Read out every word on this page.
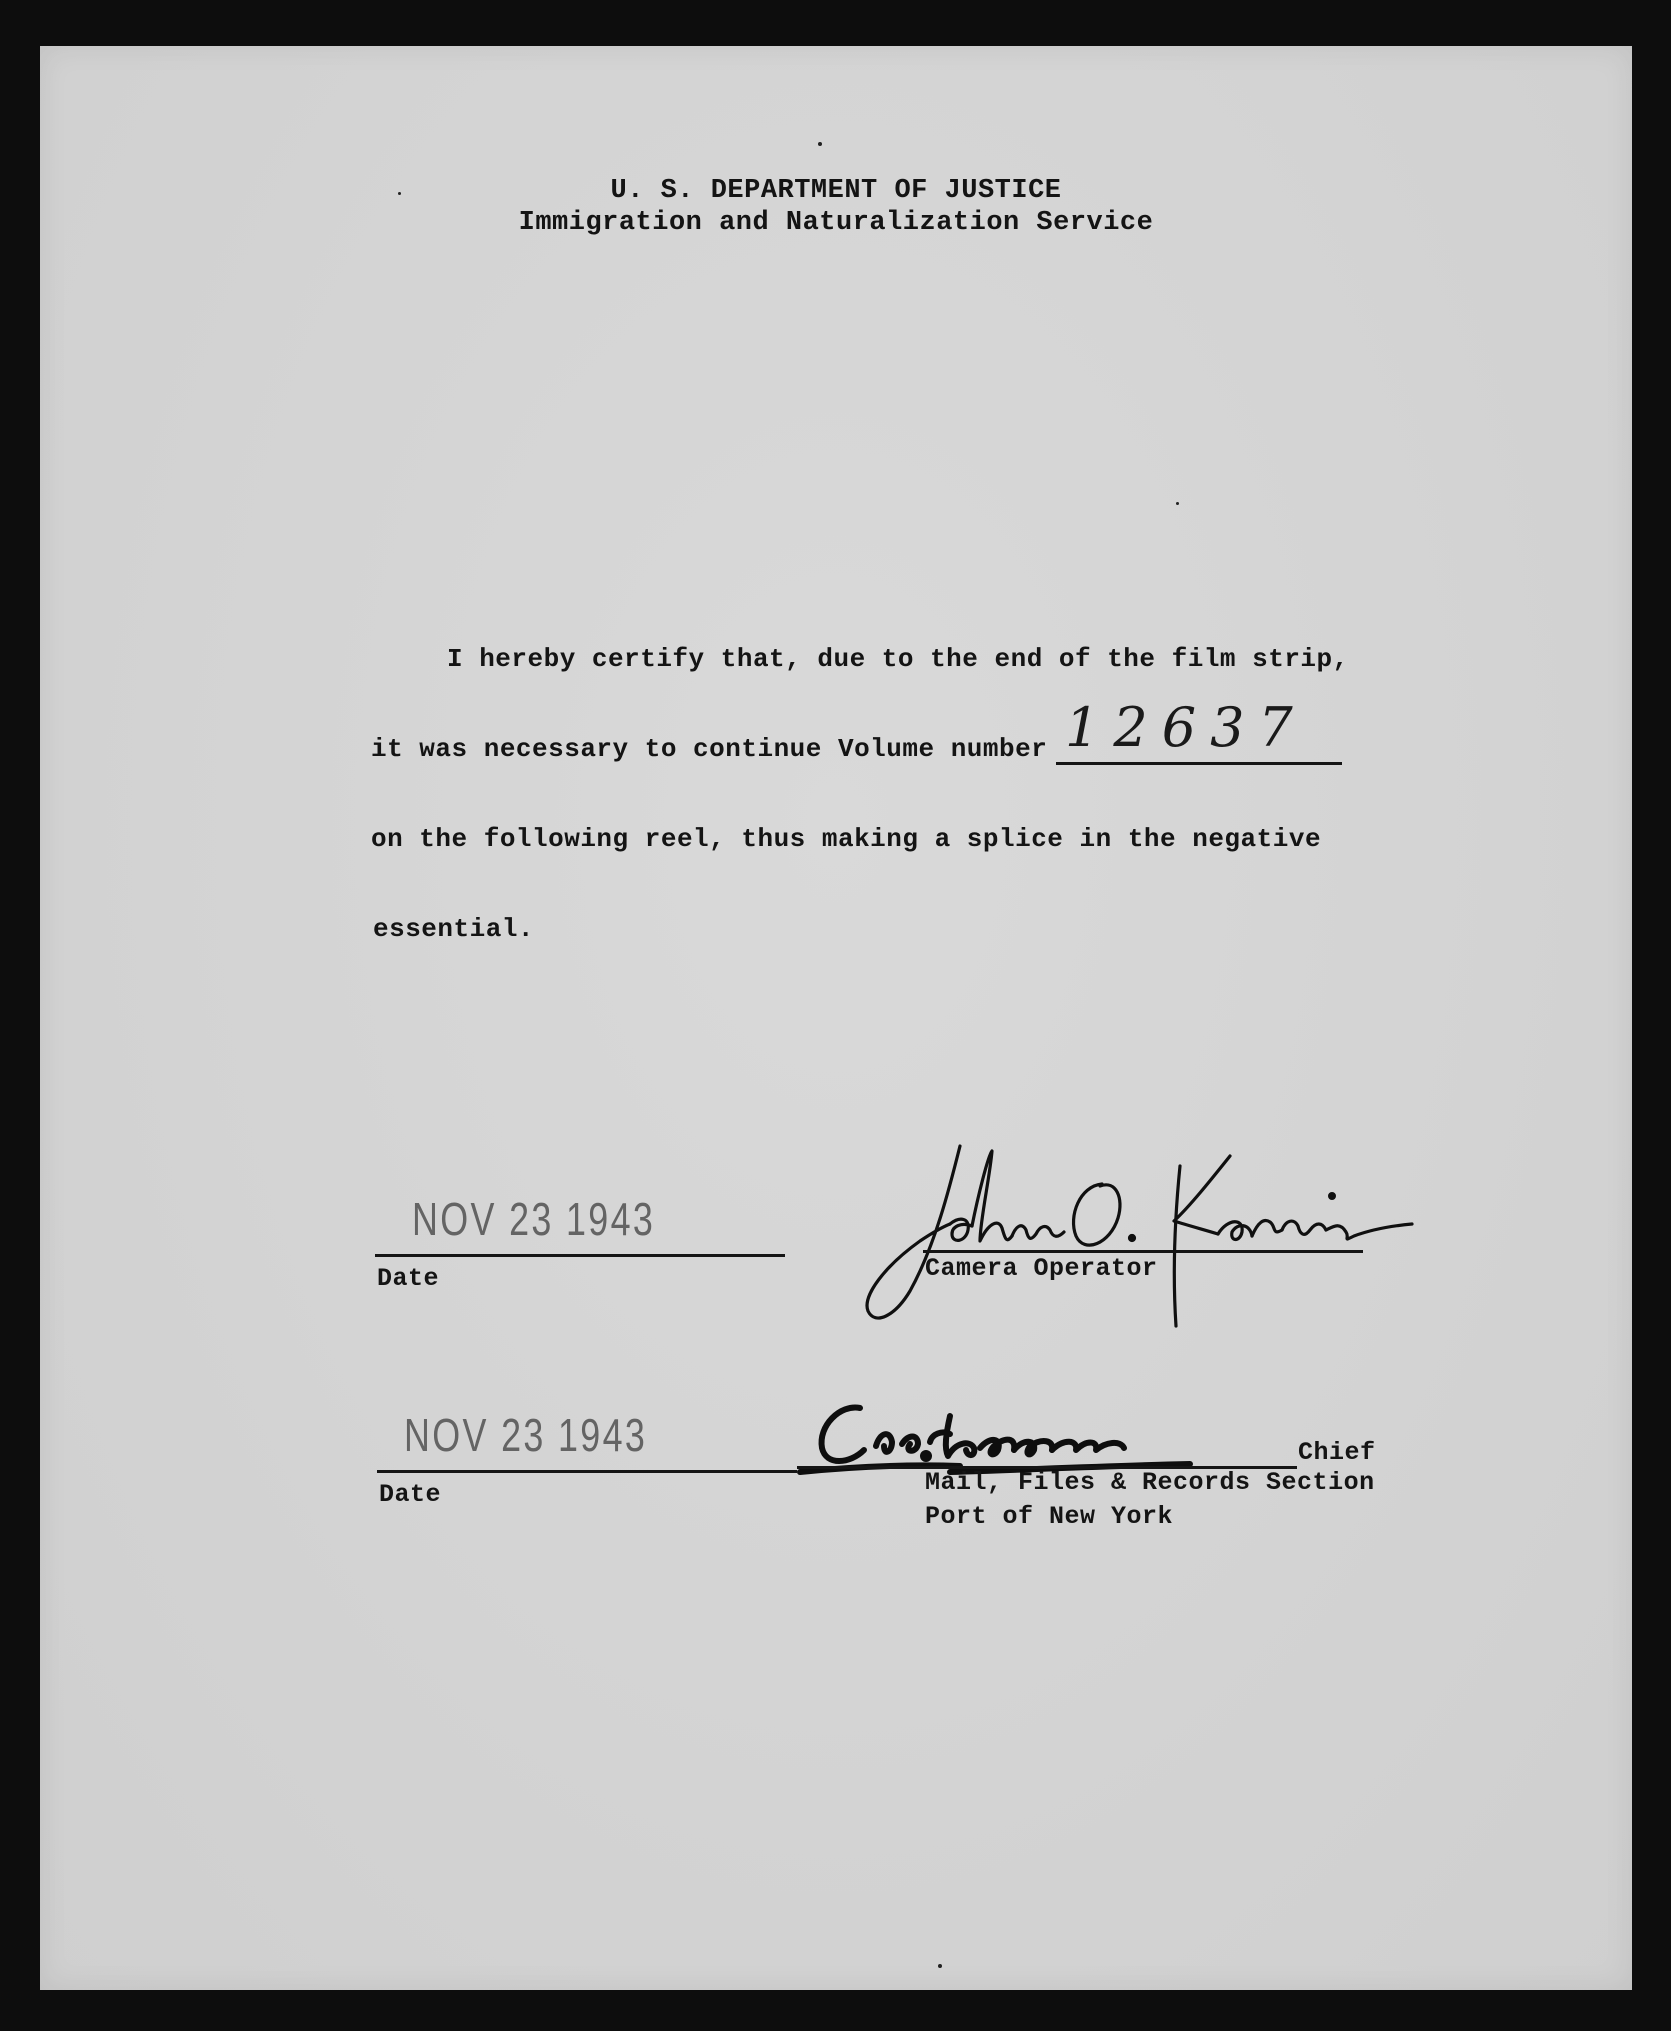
U. S. DEPARTMENT OF JUSTICE
Immigration and Naturalization Service
I hereby certify that, due to the end of the film strip,
it was necessary to continue Volume number 12637
on the following reel, thus making a splice in the negative
essential.
NOV 23 1943
Date	Camera Operator
NOV 23 1943
Date
Chief
Mail, Files & Records Section
Port of New York
